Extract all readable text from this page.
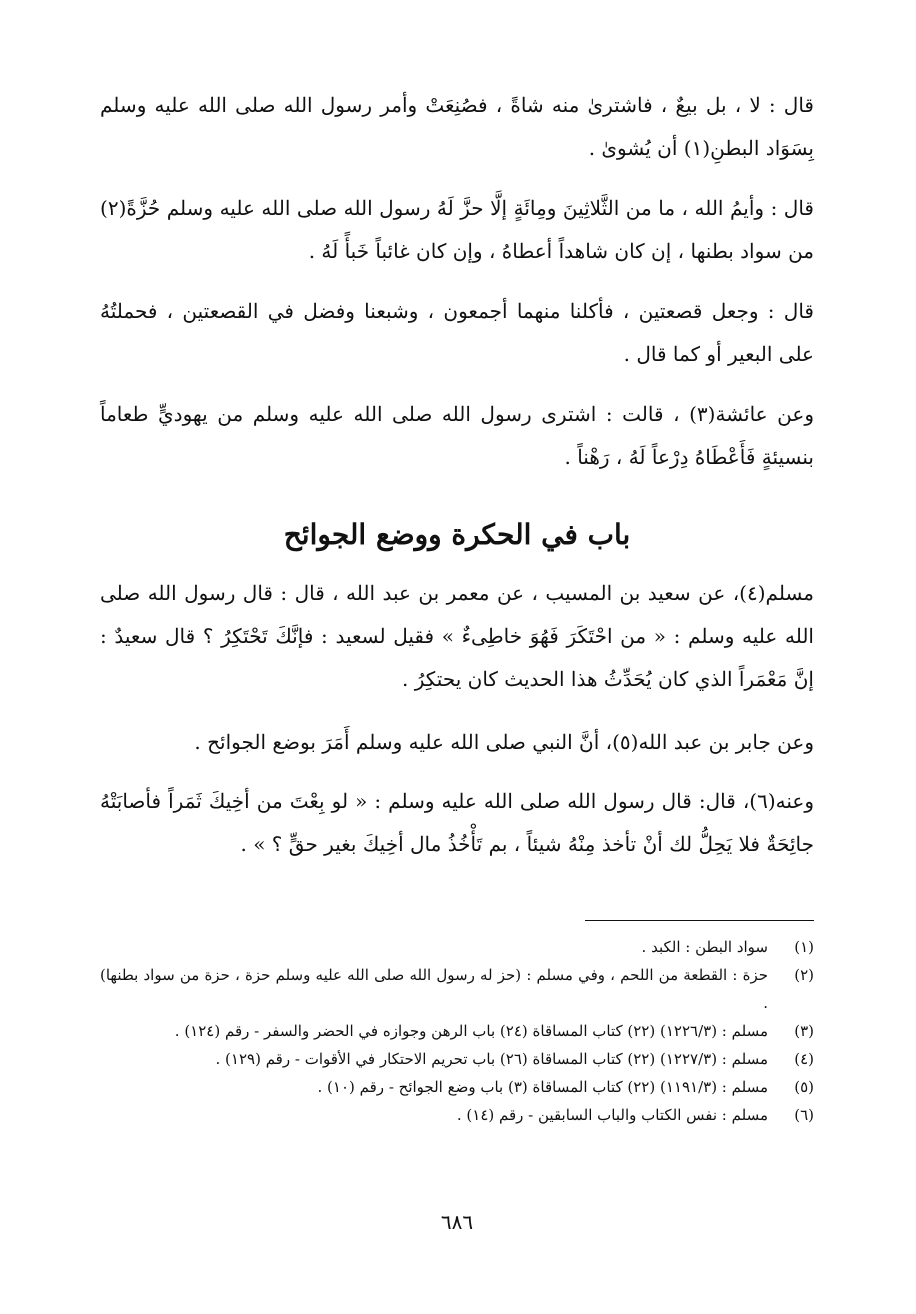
قال : لا ، بل بيعٌ ، فاشترىٰ منه شاةً ، فصُنِعَتْ وأمر رسول الله صلى الله عليه وسلم بِسَوَاد البطنِ(١) أن يُشوىٰ .

قال : وأيمُ الله ، ما من الثَّلاثِينَ ومِائَةٍ إلَّا حزَّ لَهُ رسول الله صلى الله عليه وسلم حُزَّةً(٢) من سواد بطنها ، إن كان شاهداً أعطاهُ ، وإن كان غائباً خَبأً لَهُ .

قال : وجعل قصعتين ، فأكلنا منهما أجمعون ، وشبعنا وفضل في القصعتين ، فحملتُهُ على البعير أو كما قال .

وعن عائشة(٣) ، قالت : اشترى رسول الله صلى الله عليه وسلم من يهوديٍّ طعاماً بنسيئةٍ فَأَعْطَاهُ دِرْعاً لَهُ ، رَهْناً .

باب في الحكرة ووضع الجوائح

مسلم(٤)، عن سعيد بن المسيب ، عن معمر بن عبد الله ، قال : قال رسول الله صلى الله عليه وسلم : « من احْتَكَرَ فَهُوَ خاطِىءٌ » فقيل لسعيد : فإنَّكَ تَحْتَكِرُ ؟ قال سعيدٌ : إنَّ مَعْمَراً الذي كان يُحَدِّثُ هذا الحديث كان يحتكِرُ .

وعن جابر بن عبد الله(٥)، أنَّ النبي صلى الله عليه وسلم أَمَرَ بوضع الجوائح .

وعنه(٦)، قال: قال رسول الله صلى الله عليه وسلم : « لو بِعْتَ من أخِيكَ ثَمَراً فأصابَتْهُ جائِحَةٌ فلا يَحِلُّ لك أنْ تأخذ مِنْهُ شيئاً ، بم تَأْخُذُ مال أخِيكَ بغير حقٍّ ؟ » .

(١)
سواد البطن : الكبد .
(٢)
حزة : القطعة من اللحم ، وفي مسلم : (حز له رسول الله صلى الله عليه وسلم حزة ، حزة من سواد بطنها) .
(٣)
مسلم : (١٢٢٦/٣) (٢٢) كتاب المساقاة (٢٤) باب الرهن وجوازه في الحضر والسفر - رقم (١٢٤) .
(٤)
مسلم : (١٢٢٧/٣) (٢٢) كتاب المساقاة (٢٦) باب تحريم الاحتكار في الأقوات - رقم (١٢٩) .
(٥)
مسلم : (١١٩١/٣) (٢٢) كتاب المساقاة (٣) باب وضع الجوائح - رقم (١٠) .
(٦)
مسلم : نفس الكتاب والباب السابقين - رقم (١٤) .
٦٨٦
